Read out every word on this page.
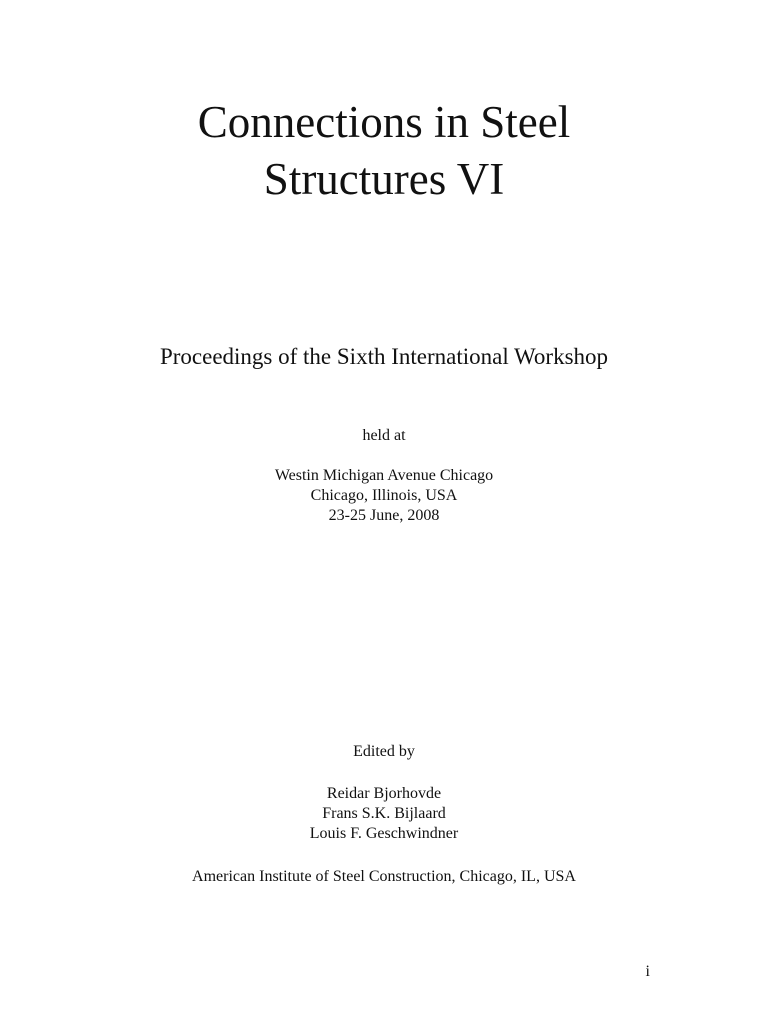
Connections in Steel
Structures VI
Proceedings of the Sixth International Workshop
held at
Westin Michigan Avenue Chicago
Chicago, Illinois, USA
23-25 June, 2008
Edited by
Reidar Bjorhovde
Frans S.K. Bijlaard
Louis F. Geschwindner
American Institute of Steel Construction, Chicago, IL, USA
i
